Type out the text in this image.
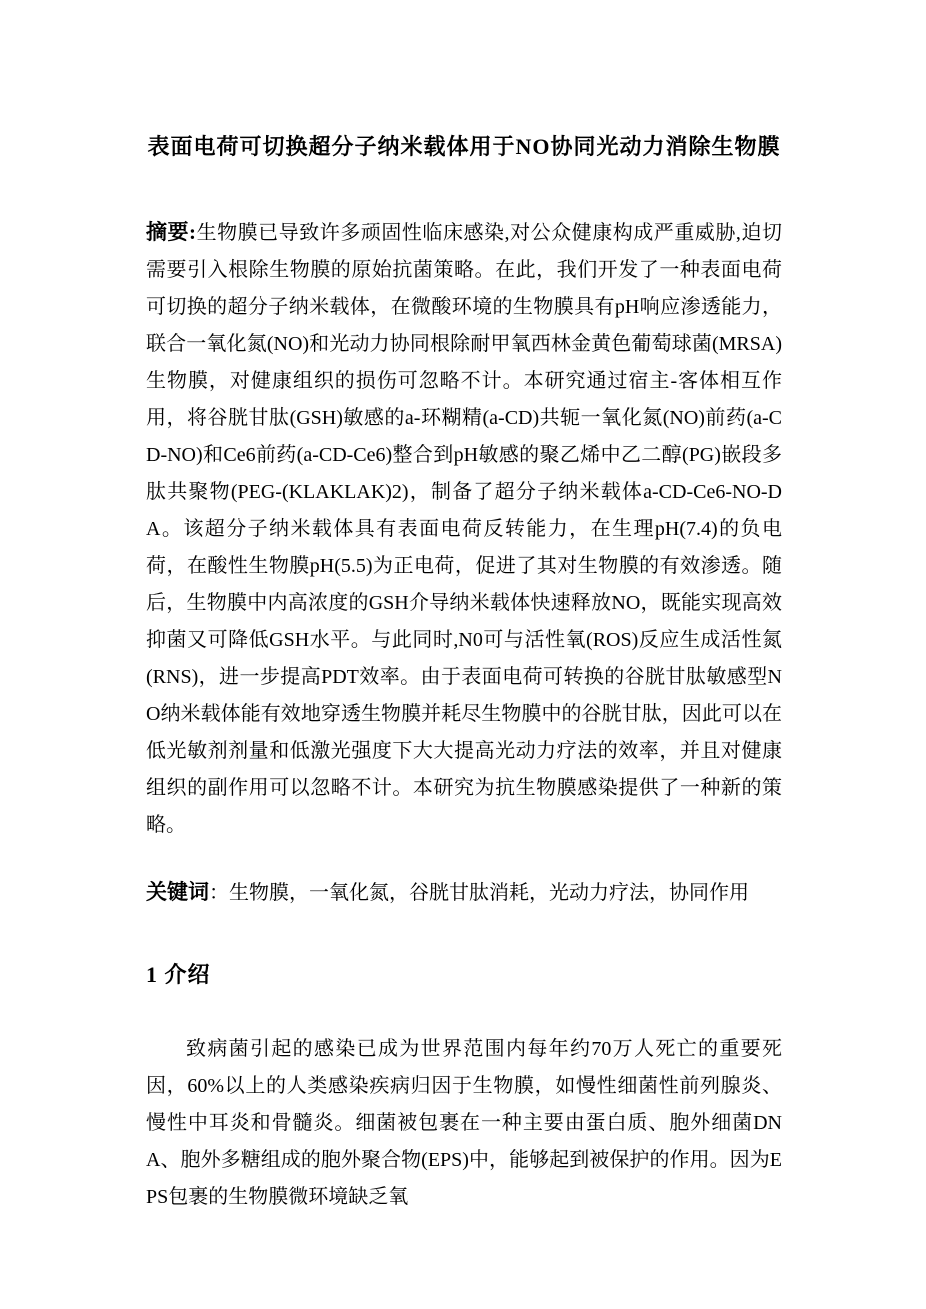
表面电荷可切换超分子纳米载体用于NO协同光动力消除生物膜

摘要:生物膜已导致许多顽固性临床感染,对公众健康构成严重威胁,迫切需要引入根除生物膜的原始抗菌策略。在此，我们开发了一种表面电荷可切换的超分子纳米载体，在微酸环境的生物膜具有pH响应渗透能力，联合一氧化氮(NO)和光动力协同根除耐甲氧西林金黄色葡萄球菌(MRSA)生物膜，对健康组织的损伤可忽略不计。本研究通过宿主-客体相互作用，将谷胱甘肽(GSH)敏感的a-环糊精(a-CD)共轭一氧化氮(NO)前药(a-CD-NO)和Ce6前药(a-CD-Ce6)整合到pH敏感的聚乙烯中乙二醇(PG)嵌段多肽共聚物(PEG-(KLAKLAK)2)，制备了超分子纳米载体a-CD-Ce6-NO-DA。该超分子纳米载体具有表面电荷反转能力，在生理pH(7.4)的负电荷，在酸性生物膜pH(5.5)为正电荷，促进了其对生物膜的有效渗透。随后，生物膜中内高浓度的GSH介导纳米载体快速释放NO，既能实现高效抑菌又可降低GSH水平。与此同时,N0可与活性氧(ROS)反应生成活性氮(RNS)，进一步提高PDT效率。由于表面电荷可转换的谷胱甘肽敏感型NO纳米载体能有效地穿透生物膜并耗尽生物膜中的谷胱甘肽，因此可以在低光敏剂剂量和低激光强度下大大提高光动力疗法的效率，并且对健康组织的副作用可以忽略不计。本研究为抗生物膜感染提供了一种新的策略。

关键词：生物膜，一氧化氮，谷胱甘肽消耗，光动力疗法，协同作用

1 介绍

致病菌引起的感染已成为世界范围内每年约70万人死亡的重要死因，60%以上的人类感染疾病归因于生物膜，如慢性细菌性前列腺炎、慢性中耳炎和骨髓炎。细菌被包裹在一种主要由蛋白质、胞外细菌DNA、胞外多糖组成的胞外聚合物(EPS)中，能够起到被保护的作用。因为EPS包裹的生物膜微环境缺乏氧
